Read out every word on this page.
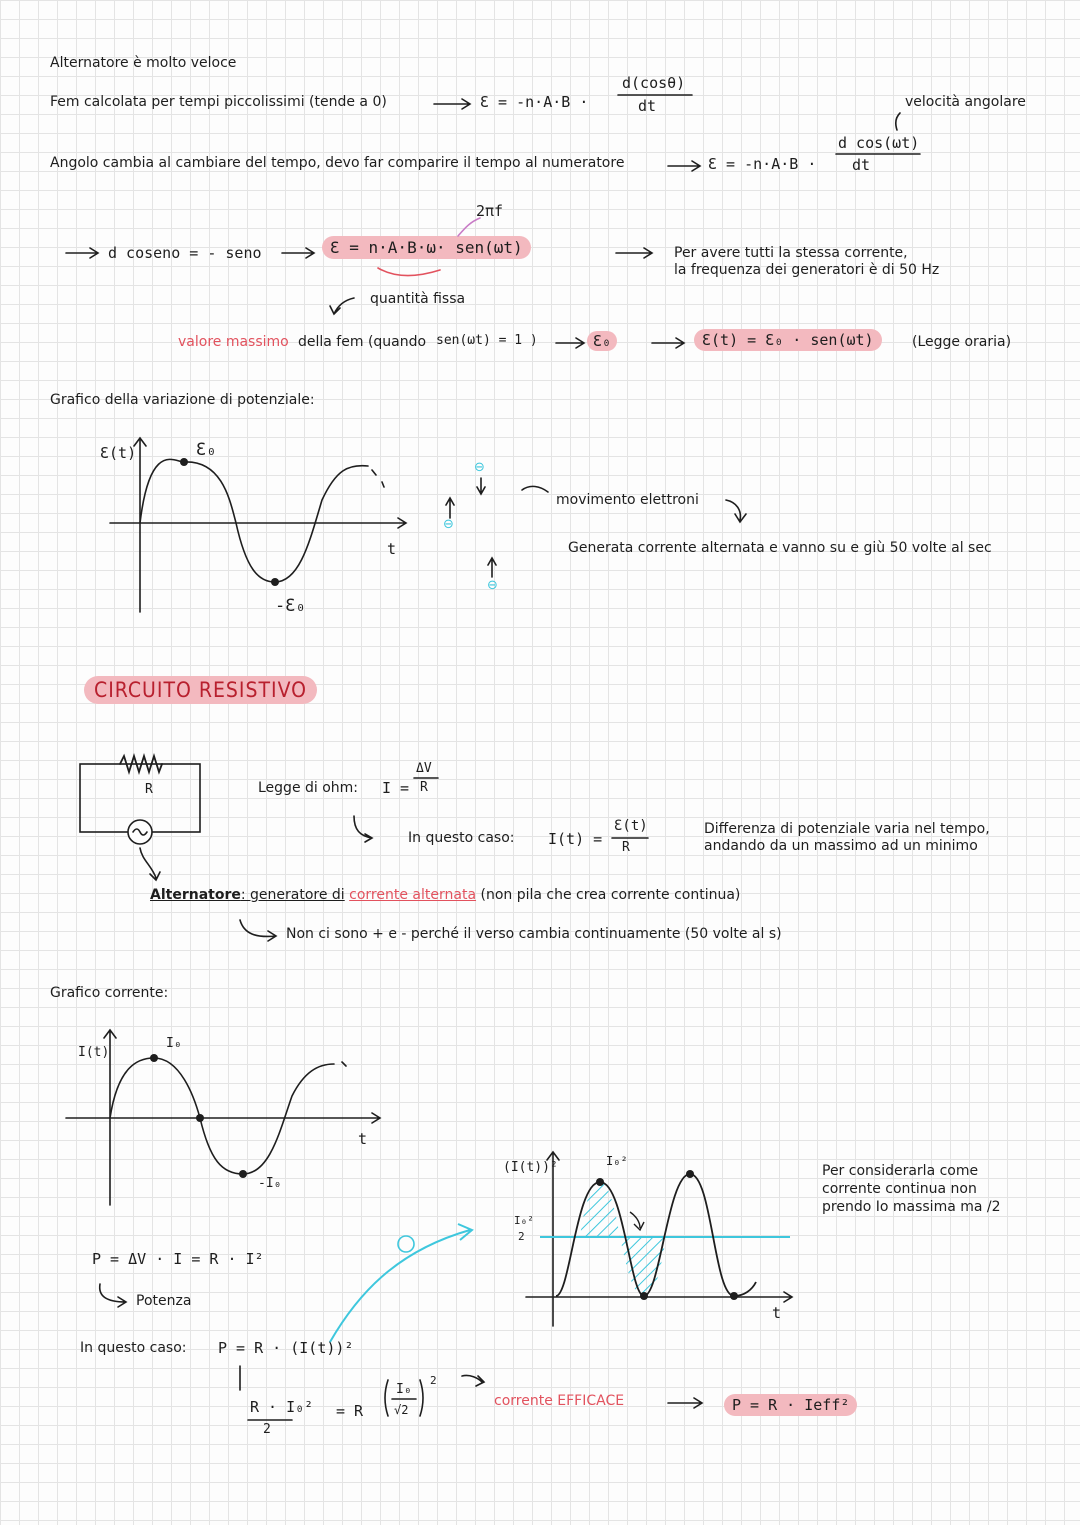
Alternatore è molto veloce
Fem calcolata per tempi piccolissimi (tende a 0)	Ɛ = -n·A·B ·
d(cosθ)
dt	velocità angolare
Angolo cambia al cambiare del tempo, devo far comparire il tempo al numeratore	Ɛ = -n·A·B ·
d cos(ωt)
dt
d coseno = - seno
2πf
Ɛ = n·A·B·ω· sen(ωt)
quantità fissa
Per avere tutti la stessa corrente,
la frequenza dei generatori è di 50 Hz
valore massimo della fem (quando sen(ωt) = 1 )	Ɛ₀	Ɛ(t) = Ɛ₀ · sen(ωt)	(Legge oraria)
Grafico della variazione di potenziale:
Ɛ(t)	Ɛ₀
-Ɛ₀
t
movimento elettroni
Generata corrente alternata e vanno su e giù 50 volte al sec
⊖
⊖
⊖
CIRCUITO RESISTIVO
R	Legge di ohm: I =
ΔV
R
In questo caso: I(t) =
Ɛ(t)
R
Differenza di potenziale varia nel tempo,
andando da un massimo ad un minimo
Alternatore: generatore di corrente alternata (non pila che crea corrente continua)
Non ci sono + e - perché il verso cambia continuamente (50 volte al s)
Grafico corrente:
I(t)
I₀
-I₀
t
P = ΔV · I = R · I²
Potenza
In questo caso: P = R · (I(t))²
R · I₀²
2
= R
I₀
√2
2
corrente EFFICACE	P = R · Ieff²
(I(t))²	I₀²
I₀²
2
t
Per considerarla come
corrente continua non
prendo Io massima ma /2
